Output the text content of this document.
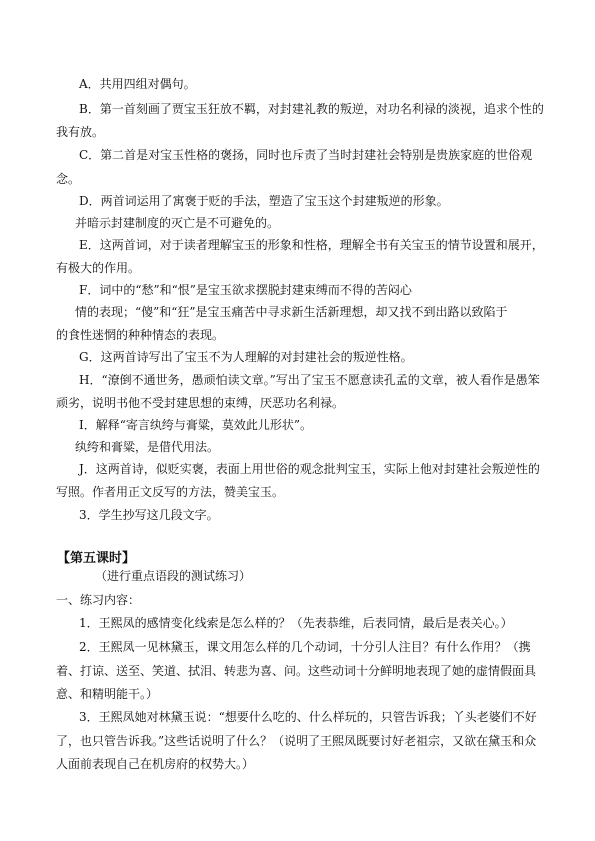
A．共用四组对偶句。
B．第一首刻画了贾宝玉狂放不羁，对封建礼教的叛逆，对功名利禄的淡视，追求个性的
我有放。
C．第二首是对宝玉性格的褒扬，同时也斥责了当时封建社会特别是贵族家庭的世俗观
念。
D．两首词运用了寓褒于贬的手法，塑造了宝玉这个封建叛逆的形象。
并暗示封建制度的灭亡是不可避免的。
E．这两首词，对于读者理解宝玉的形象和性格，理解全书有关宝玉的情节设置和展开，
有极大的作用。
F．词中的“愁”和“恨”是宝玉欲求摆脱封建束缚而不得的苦闷心
情的表现；“傻”和“狂”是宝玉痛苦中寻求新生活新理想，却又找不到出路以致陷于
的食性迷惘的种种情态的表现。
G．这两首诗写出了宝玉不为人理解的对封建社会的叛逆性格。
H．“潦倒不通世务，愚顽怕读文章。”写出了宝玉不愿意读孔孟的文章，被人看作是愚笨
顽劣，说明书他不受封建思想的束缚，厌恶功名利禄。
I．解释“寄言纨绔与膏粱，莫效此儿形状”。
纨绔和膏粱，是借代用法。
J．这两首诗，似贬实褒，表面上用世俗的观念批判宝玉，实际上他对封建社会叛逆性的
写照。作者用正文反写的方法，赞美宝玉。
3．学生抄写这几段文字。
【第五课时】
（进行重点语段的测试练习）
一、练习内容：
1．王熙凤的感情变化线索是怎么样的？（先表恭维，后表同情，最后是表关心。）
2．王熙凤一见林黛玉，课文用怎么样的几个动词，十分引人注目？有什么作用？（携
着、打谅、送至、笑道、拭泪、转悲为喜、问。这些动词十分鲜明地表现了她的虚情假面具
意、和精明能干。）
3．王熙凤她对林黛玉说：“想要什么吃的、什么样玩的，只管告诉我；丫头老婆们不好
了，也只管告诉我。”这些话说明了什么？（说明了王熙凤既要讨好老祖宗，又欲在黛玉和众
人面前表现自己在机房府的权势大。）
